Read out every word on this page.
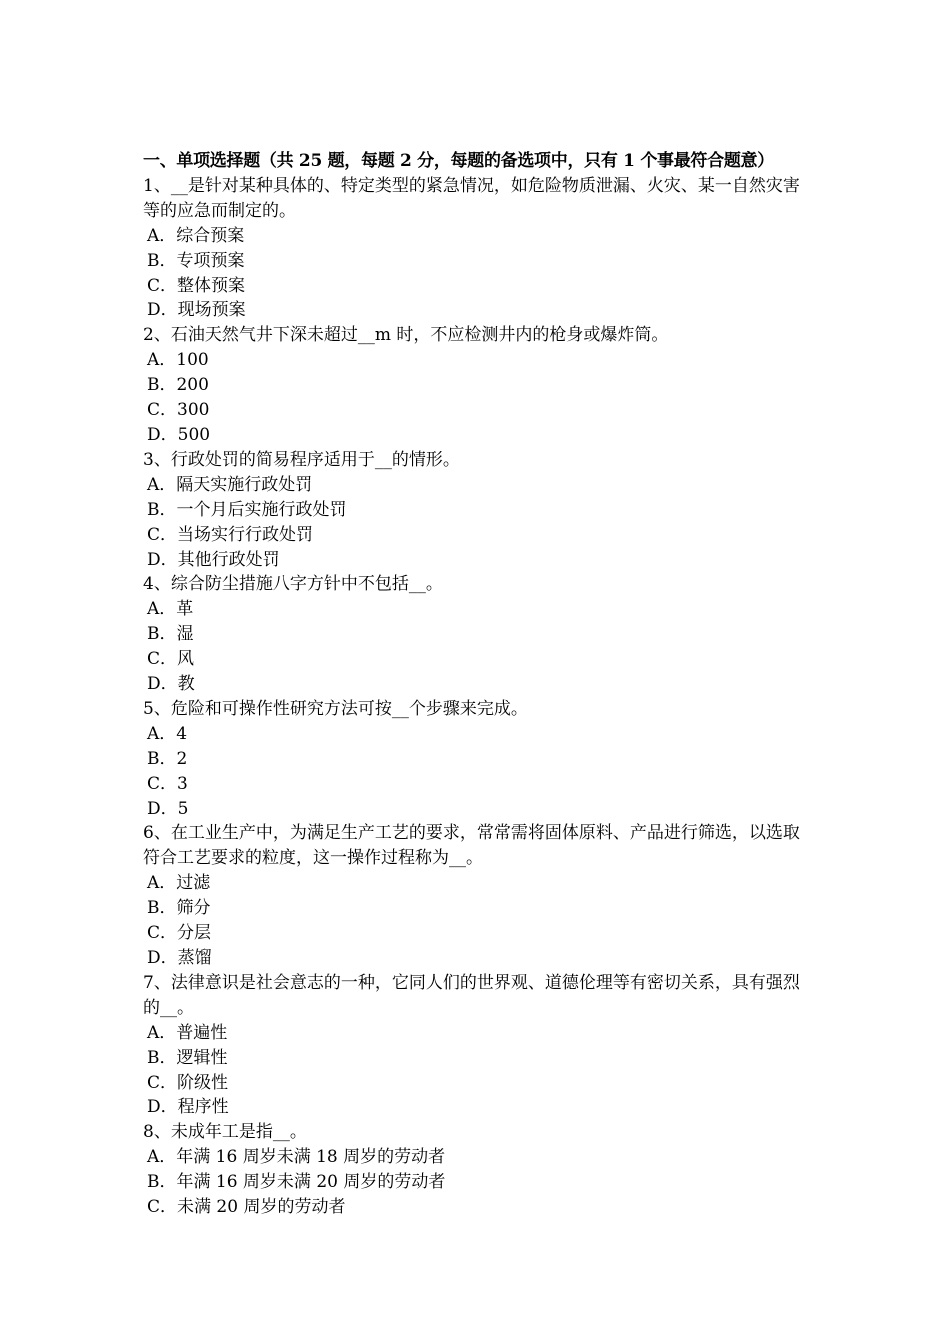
一、单项选择题（共 25 题，每题 2 分，每题的备选项中，只有 1 个事最符合题意）
1、__是针对某种具体的、特定类型的紧急情况，如危险物质泄漏、火灾、某一自然灾害等的应急而制定的。
A．综合预案
B．专项预案
C．整体预案
D．现场预案
2、石油天然气井下深未超过__m 时，不应检测井内的枪身或爆炸筒。
A．100
B．200
C．300
D．500
3、行政处罚的简易程序适用于__的情形。
A．隔天实施行政处罚
B．一个月后实施行政处罚
C．当场实行行政处罚
D．其他行政处罚
4、综合防尘措施八字方针中不包括__。
A．革
B．湿
C．风
D．教
5、危险和可操作性研究方法可按__个步骤来完成。
A．4
B．2
C．3
D．5
6、在工业生产中，为满足生产工艺的要求，常常需将固体原料、产品进行筛选，以选取符合工艺要求的粒度，这一操作过程称为__。
A．过滤
B．筛分
C．分层
D．蒸馏
7、法律意识是社会意志的一种，它同人们的世界观、道德伦理等有密切关系，具有强烈的__。
A．普遍性
B．逻辑性
C．阶级性
D．程序性
8、未成年工是指__。
A．年满 16 周岁未满 18 周岁的劳动者
B．年满 16 周岁未满 20 周岁的劳动者
C．未满 20 周岁的劳动者
